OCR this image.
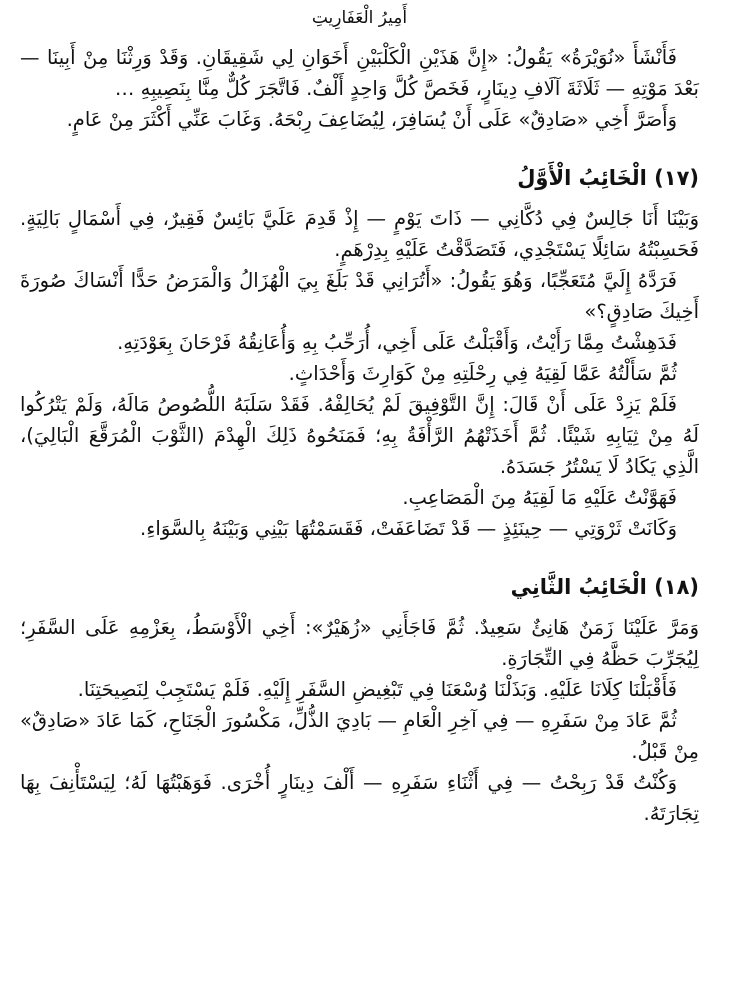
أَمِيرُ الْعَفَارِيتِ

فَأَنْشَأَ «نُوَيْرَةُ» يَقُولُ: «إِنَّ هَذَيْنِ الْكَلْبَيْنِ أَخَوَانِ لِي شَقِيقَانِ. وَقَدْ وَرِثْنَا مِنْ أَبِينَا — بَعْدَ مَوْتِهِ — ثَلَاثَةَ آلَافِ دِينَارٍ، فَخَصَّ كُلَّ وَاحِدٍ أَلْفٌ. فَاتَّجَرَ كُلٌّ مِنَّا بِنَصِيبِهِ …

وَأَصَرَّ أَخِي «صَادِقٌ» عَلَى أَنْ يُسَافِرَ، لِيُضَاعِفَ رِبْحَهُ. وَغَابَ عَنِّي أَكْثَرَ مِنْ عَامٍ.

(١٧) الْخَائِبُ الْأَوَّلُ

وَبَيْنَا أَنَا جَالِسٌ فِي دُكَّانِي — ذَاتَ يَوْمٍ — إِذْ قَدِمَ عَلَيَّ بَائِسٌ فَقِيرٌ، فِي أَسْمَالٍ بَالِيَةٍ. فَحَسِبْتُهُ سَائِلًا يَسْتَجْدِي، فَتَصَدَّقْتُ عَلَيْهِ بِدِرْهَمٍ.

فَرَدَّهُ إِلَيَّ مُتَعَجِّبًا، وَهُوَ يَقُولُ: «أَتُرَانِي قَدْ بَلَغَ بِيَ الْهُزَالُ وَالْمَرَضُ حَدًّا أَنْسَاكَ صُورَةَ أَخِيكَ صَادِقٍ؟»

فَدَهِشْتُ مِمَّا رَأَيْتُ، وَأَقْبَلْتُ عَلَى أَخِي، أُرَحِّبُ بِهِ وَأُعَانِقُهُ فَرْحَانَ بِعَوْدَتِهِ.

ثُمَّ سَأَلْتُهُ عَمَّا لَقِيَهُ فِي رِحْلَتِهِ مِنْ كَوَارِثَ وَأَحْدَاثٍ.

فَلَمْ يَزِدْ عَلَى أَنْ قَالَ: إِنَّ التَّوْفِيقَ لَمْ يُحَالِفْهُ. فَقَدْ سَلَبَهُ اللُّصُوصُ مَالَهُ، وَلَمْ يَتْرُكُوا لَهُ مِنْ ثِيَابِهِ شَيْئًا. ثُمَّ أَخَذَتْهُمُ الرَّأْفَةُ بِهِ؛ فَمَنَحُوهُ ذَلِكَ الْهِدْمَ (الثَّوْبَ الْمُرَقَّعَ الْبَالِيَ)، الَّذِي يَكَادُ لَا يَسْتُرُ جَسَدَهُ.

فَهَوَّنْتُ عَلَيْهِ مَا لَقِيَهُ مِنَ الْمَصَاعِبِ.

وَكَانَتْ ثَرْوَتِي — حِينَئِذٍ — قَدْ تَضَاعَفَتْ، فَقَسَمْتُهَا بَيْنِي وَبَيْنَهُ بِالسَّوَاءِ.

(١٨) الْخَائِبُ الثَّانِي

وَمَرَّ عَلَيْنَا زَمَنٌ هَانِئٌ سَعِيدٌ. ثُمَّ فَاجَأَنِي «زُهَيْرٌ»: أَخِي الْأَوْسَطُ، بِعَزْمِهِ عَلَى السَّفَرِ؛ لِيُجَرِّبَ حَظَّهُ فِي التِّجَارَةِ.

فَأَقْبَلْنَا كِلَانَا عَلَيْهِ. وَبَذَلْنَا وُسْعَنَا فِي تَبْغِيضِ السَّفَرِ إِلَيْهِ. فَلَمْ يَسْتَجِبْ لِنَصِيحَتِنَا.

ثُمَّ عَادَ مِنْ سَفَرِهِ — فِي آخِرِ الْعَامِ — بَادِيَ الذُّلِّ، مَكْسُورَ الْجَنَاحِ، كَمَا عَادَ «صَادِقٌ» مِنْ قَبْلُ.

وَكُنْتُ قَدْ رَبِحْتُ — فِي أَثْنَاءِ سَفَرِهِ — أَلْفَ دِينَارٍ أُخْرَى. فَوَهَبْتُهَا لَهُ؛ لِيَسْتَأْنِفَ بِهَا تِجَارَتَهُ.
